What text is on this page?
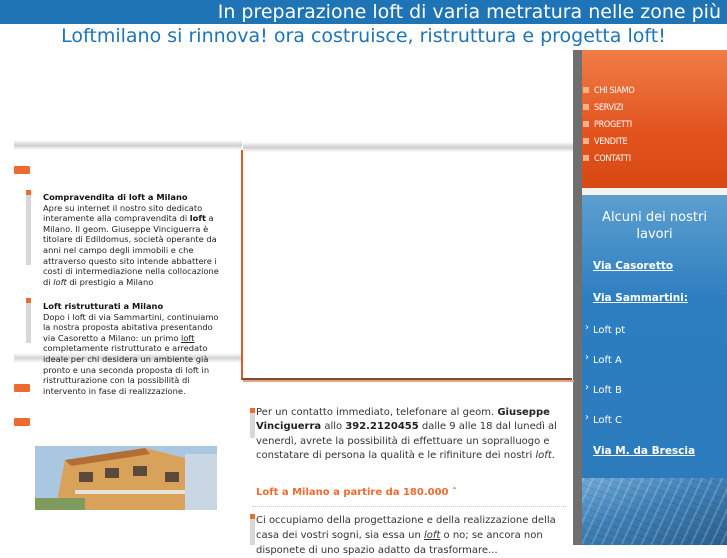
In preparazione loft di varia metratura nelle zone più
Loftmilano si rinnova! ora costruisce, ristruttura e progetta loft!
CHI SIAMO
SERVIZI
PROGETTI
VENDITE
CONTATTI
Alcuni dei nostri lavori
Via Casoretto
Via Sammartini:
› Loft pt
› Loft A
› Loft B
› Loft C
Via M. da Brescia
Compravendita di loft a Milano
Apre su internet il nostro sito dedicato interamente alla compravendita di loft a Milano. Il geom. Giuseppe Vinciguerra è titolare di Edildomus, società operante da anni nel campo degli immobili e che attraverso questo sito intende abbattere i costi di intermediazione nella collocazione di loft di prestigio a Milano
Loft ristrutturati a Milano
Dopo i loft di via Sammartini, continuiamo la nostra proposta abitativa presentando via Casoretto a Milano: un primo loft completamente ristrutturato e arredato ideale per chi desidera un ambiente già pronto e una seconda proposta di loft in ristrutturazione con la possibilità di intervento in fase di realizzazione.
Per un contatto immediato, telefonare al geom. Giuseppe Vinciguerra allo 392.2120455 dalle 9 alle 18 dal lunedì al venerdì, avrete la possibilità di effettuare un sopralluogo e constatare di persona la qualità e le rifiniture dei nostri loft.
Loft a Milano a partire da 180.000 ˆ
Ci occupiamo della progettazione e della realizzazione della casa dei vostri sogni, sia essa un loft o no; se ancora non disponete di uno spazio adatto da trasformare...
